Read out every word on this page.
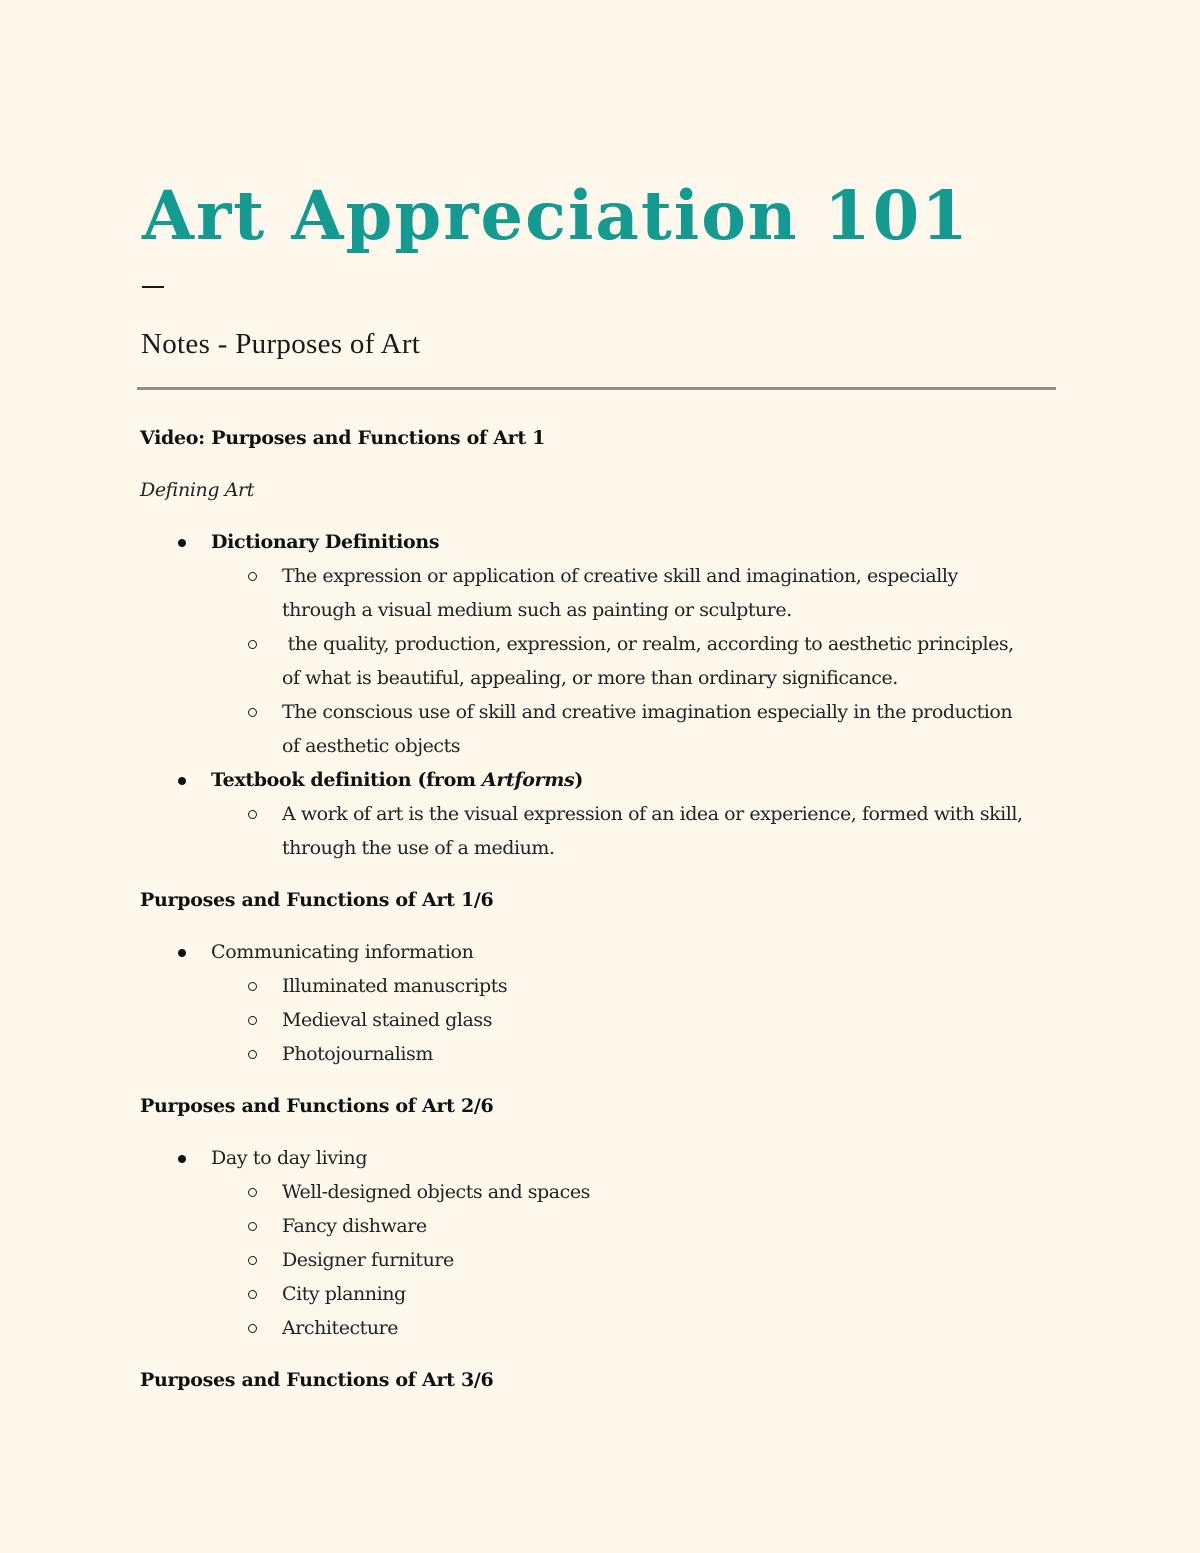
Art Appreciation 101
Notes - Purposes of Art

Video: Purposes and Functions of Art 1

Defining Art

Dictionary Definitions
The expression or application of creative skill and imagination, especially
through a visual medium such as painting or sculpture.
the quality, production, expression, or realm, according to aesthetic principles,
of what is beautiful, appealing, or more than ordinary significance.
The conscious use of skill and creative imagination especially in the production
of aesthetic objects
Textbook definition (from Artforms)
A work of art is the visual expression of an idea or experience, formed with skill,
through the use of a medium.

Purposes and Functions of Art 1/6

Communicating information
Illuminated manuscripts
Medieval stained glass
Photojournalism

Purposes and Functions of Art 2/6

Day to day living
Well-designed objects and spaces
Fancy dishware
Designer furniture
City planning
Architecture

Purposes and Functions of Art 3/6
